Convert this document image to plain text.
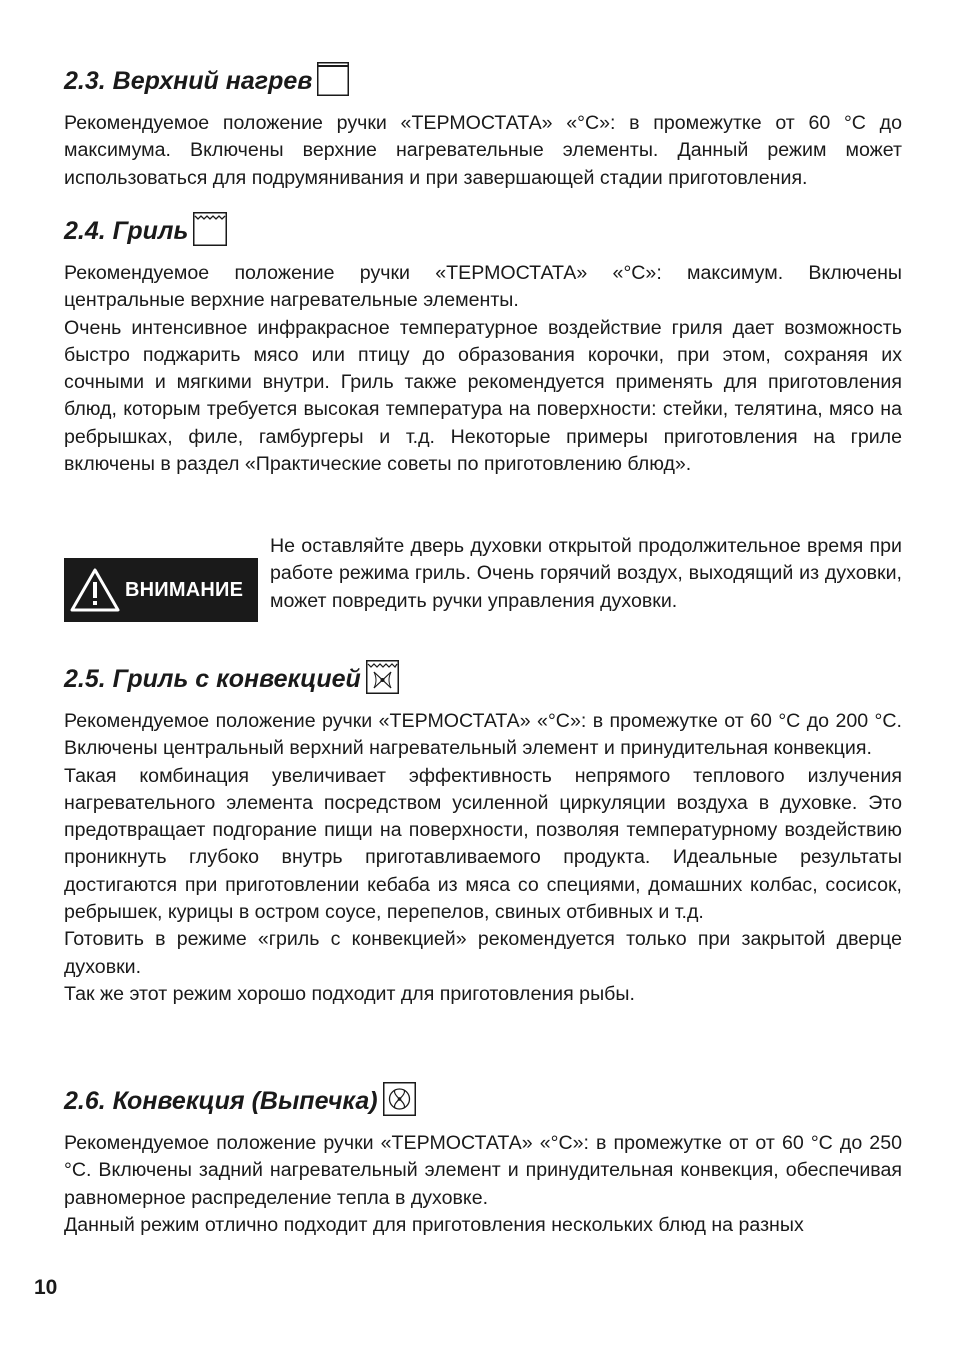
2.3. Верхний нагрев

Рекомендуемое положение ручки «ТЕРМОСТАТА» «°C»: в промежутке от 60 °C до максимума. Включены верхние нагревательные элементы. Данный режим может использоваться для подрумянивания и при завершающей стадии приготовления.

2.4. Гриль

Рекомендуемое положение ручки «ТЕРМОСТАТА» «°C»: максимум. Включены центральные верхние нагревательные элементы.

Очень интенсивное инфракрасное температурное воздействие гриля дает возможность быстро поджарить мясо или птицу до образования корочки, при этом, сохраняя их сочными и мягкими внутри. Гриль также рекомендуется применять для приготовления блюд, которым требуется высокая температура на поверхности: стейки, телятина, мясо на ребрышках, филе, гамбургеры и т.д. Некоторые примеры приготовления на гриле включены в раздел «Практические советы по приготовлению блюд».

ВНИМАНИЕ

Не оставляйте дверь духовки открытой продолжительное время при работе режима гриль. Очень горячий воздух, выходящий из духовки, может повредить ручки управления духовки.

2.5. Гриль с конвекцией

Рекомендуемое положение ручки «ТЕРМОСТАТА» «°C»: в промежутке от 60 °C до 200 °C. Включены центральный верхний нагревательный элемент и принудительная конвекция.

Такая комбинация увеличивает эффективность непрямого теплового излучения нагревательного элемента посредством усиленной циркуляции воздуха в духовке. Это предотвращает подгорание пищи на поверхности, позволяя температурному воздействию проникнуть глубоко внутрь приготавливаемого продукта. Идеальные результаты достигаются при приготовлении кебаба из мяса со специями, домашних колбас, сосисок, ребрышек, курицы в остром соусе, перепелов, свиных отбивных и т.д.

Готовить в режиме «гриль с конвекцией» рекомендуется только при закрытой дверце духовки.

Так же этот режим хорошо подходит для приготовления рыбы.

2.6. Конвекция (Выпечка)

Рекомендуемое положение ручки «ТЕРМОСТАТА» «°C»: в промежутке от от 60 °C до 250 °C. Включены задний нагревательный элемент и принудительная конвекция, обеспечивая равномерное распределение тепла в духовке.

Данный режим отлично подходит для приготовления нескольких блюд на разных

10
